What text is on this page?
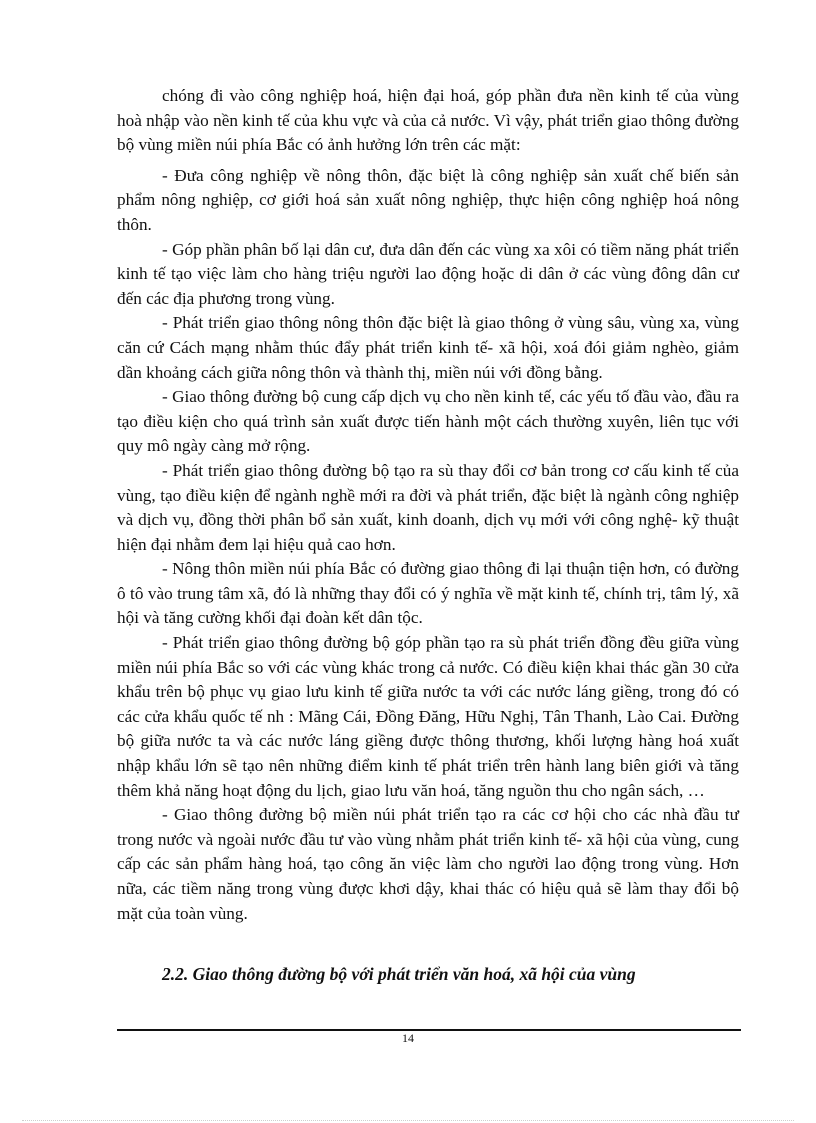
chóng đi vào công nghiệp hoá, hiện đại hoá, góp phần đưa nền kinh tế của vùng hoà nhập vào nền kinh tế của khu vực và của cả nước. Vì vậy, phát triển giao thông đường bộ vùng miền núi phía Bắc có ảnh hưởng lớn trên các mặt:

- Đưa công nghiệp về nông thôn, đặc biệt là công nghiệp sản xuất chế biến sản phẩm nông nghiệp, cơ giới hoá sản xuất nông nghiệp, thực hiện công nghiệp hoá nông thôn.

- Góp phần phân bố lại dân cư, đưa dân đến các vùng xa xôi có tiềm năng phát triển kinh tế tạo việc làm cho hàng triệu người lao động hoặc di dân ở các vùng đông dân cư đến các địa phương trong vùng.

- Phát triển giao thông nông thôn đặc biệt là giao thông ở vùng sâu, vùng xa, vùng căn cứ Cách mạng nhằm thúc đẩy phát triển kinh tế- xã hội, xoá đói giảm nghèo, giảm dần khoảng cách giữa nông thôn và thành thị, miền núi với đồng bằng.

- Giao thông đường bộ cung cấp dịch vụ cho nền kinh tế, các yếu tố đầu vào, đầu ra tạo điều kiện cho quá trình sản xuất được tiến hành một cách thường xuyên, liên tục với quy mô ngày càng mở rộng.

- Phát triển giao thông đường bộ tạo ra sù thay đổi cơ bản trong cơ cấu kinh tế của vùng, tạo điều kiện để ngành nghề mới ra đời và phát triển, đặc biệt là ngành công nghiệp và dịch vụ, đồng thời phân bổ sản xuất, kinh doanh, dịch vụ mới với công nghệ- kỹ thuật hiện đại nhằm đem lại hiệu quả cao hơn.

- Nông thôn miền núi phía Bắc có đường giao thông đi lại thuận tiện hơn, có đường ô tô vào trung tâm xã, đó là những thay đổi có ý nghĩa về mặt kinh tế, chính trị, tâm lý, xã hội và tăng cường khối đại đoàn kết dân tộc.

- Phát triển giao thông đường bộ góp phần tạo ra sù phát triển đồng đều giữa vùng miền núi phía Bắc so với các vùng khác trong cả nước. Có điều kiện khai thác gần 30 cửa khẩu trên bộ phục vụ giao lưu kinh tế giữa nước ta với các nước láng giềng, trong đó có các cửa khẩu quốc tế nh : Mãng Cái, Đồng Đăng, Hữu Nghị, Tân Thanh, Lào Cai. Đường bộ giữa nước ta và các nước láng giềng được thông thương, khối lượng hàng hoá xuất nhập khẩu lớn sẽ tạo nên những điểm kinh tế phát triển trên hành lang biên giới và tăng thêm khả năng hoạt động du lịch, giao lưu văn hoá, tăng nguồn thu cho ngân sách, …

- Giao thông đường bộ miền núi phát triển tạo ra các cơ hội cho các nhà đầu tư trong nước và ngoài nước đầu tư vào vùng nhằm phát triển kinh tế- xã hội của vùng, cung cấp các sản phẩm hàng hoá, tạo công ăn việc làm cho người lao động trong vùng. Hơn nữa, các tiềm năng trong vùng được khơi dậy, khai thác có hiệu quả sẽ làm thay đổi bộ mặt của toàn vùng.

2.2. Giao thông đường bộ với phát triển văn hoá, xã hội của vùng
14
